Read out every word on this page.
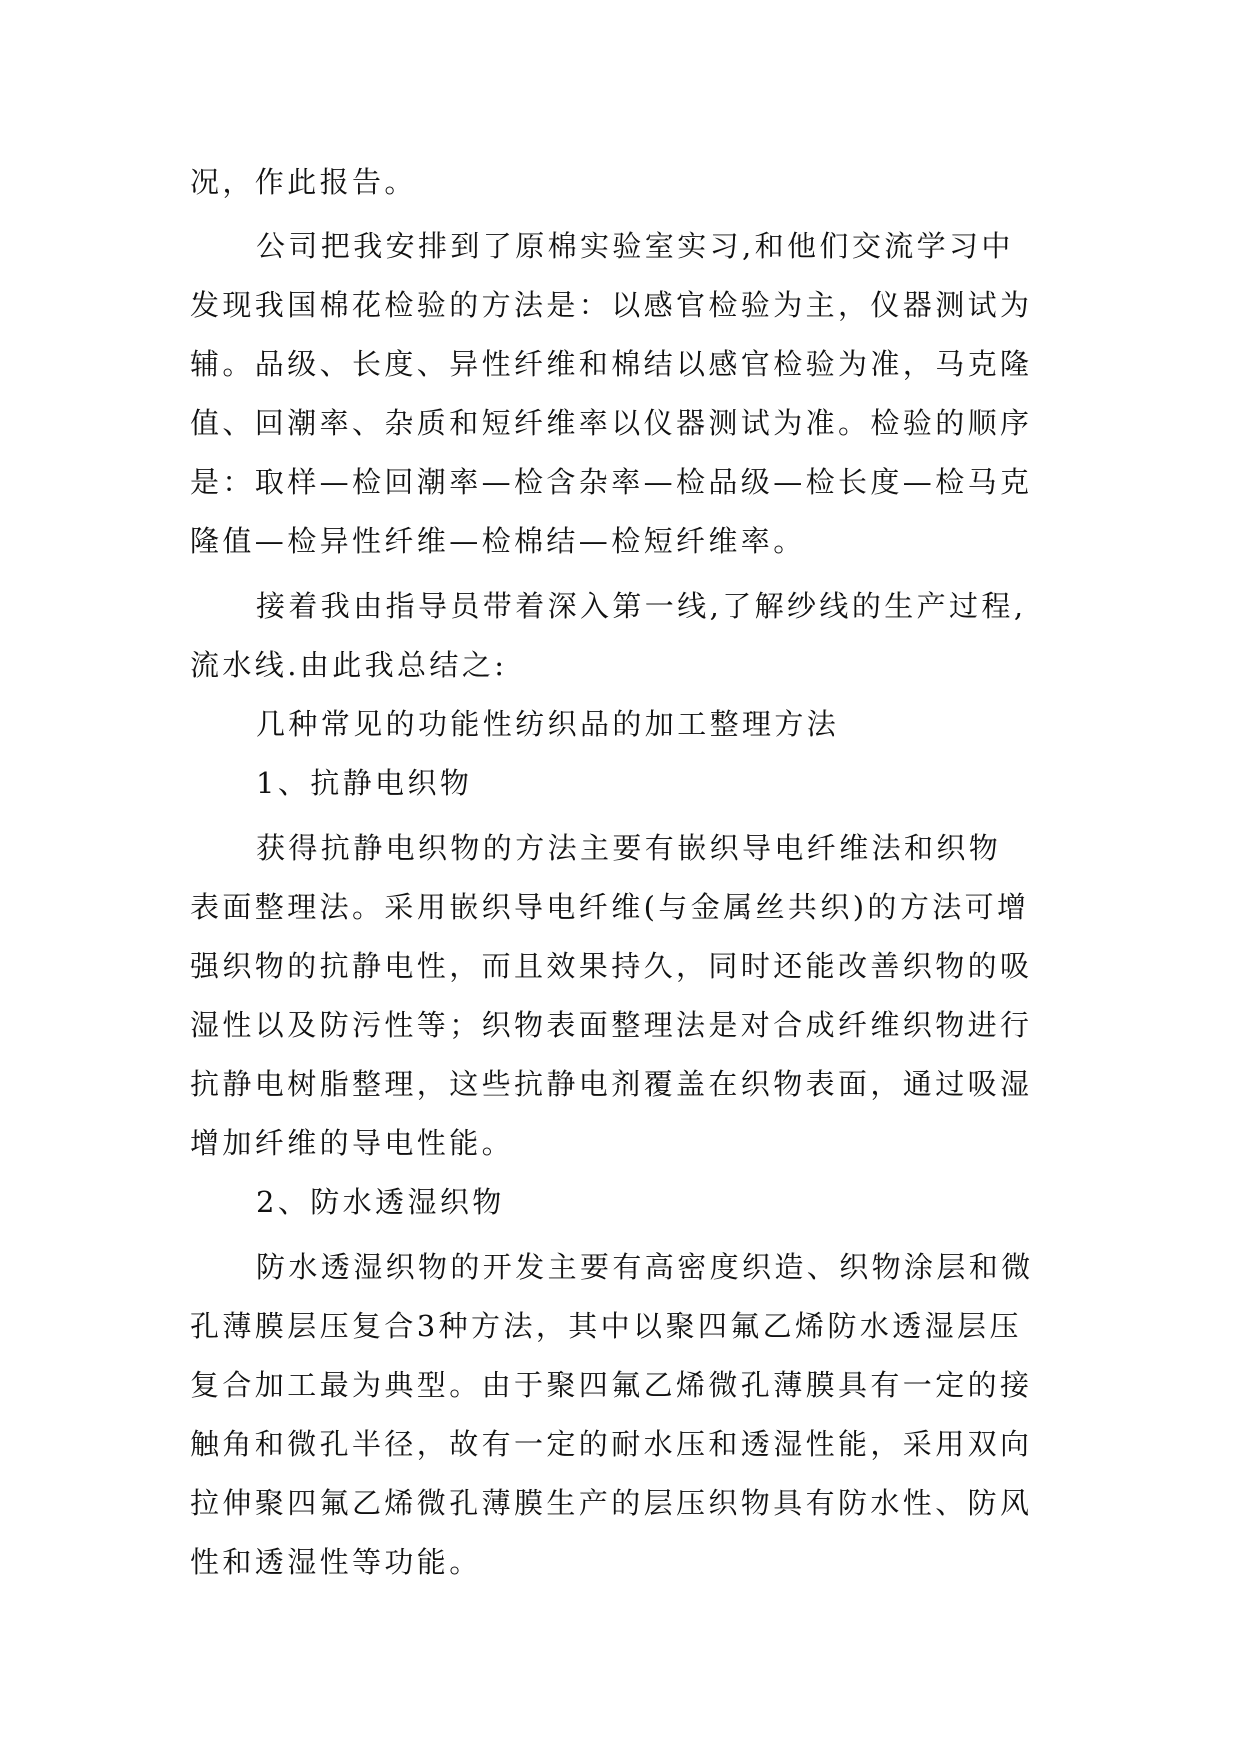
况，作此报告。
公司把我安排到了原棉实验室实习,和他们交流学习中
发现我国棉花检验的方法是：以感官检验为主，仪器测试为
辅。品级、长度、异性纤维和棉结以感官检验为准，马克隆
值、回潮率、杂质和短纤维率以仪器测试为准。检验的顺序
是：取样—检回潮率—检含杂率—检品级—检长度—检马克
隆值—检异性纤维—检棉结—检短纤维率。
接着我由指导员带着深入第一线,了解纱线的生产过程,
流水线.由此我总结之:
几种常见的功能性纺织品的加工整理方法
1、抗静电织物
获得抗静电织物的方法主要有嵌织导电纤维法和织物
表面整理法。采用嵌织导电纤维(与金属丝共织)的方法可增
强织物的抗静电性，而且效果持久，同时还能改善织物的吸
湿性以及防污性等；织物表面整理法是对合成纤维织物进行
抗静电树脂整理，这些抗静电剂覆盖在织物表面，通过吸湿
增加纤维的导电性能。
2、防水透湿织物
防水透湿织物的开发主要有高密度织造、织物涂层和微
孔薄膜层压复合3种方法，其中以聚四氟乙烯防水透湿层压
复合加工最为典型。由于聚四氟乙烯微孔薄膜具有一定的接
触角和微孔半径，故有一定的耐水压和透湿性能，采用双向
拉伸聚四氟乙烯微孔薄膜生产的层压织物具有防水性、防风
性和透湿性等功能。
